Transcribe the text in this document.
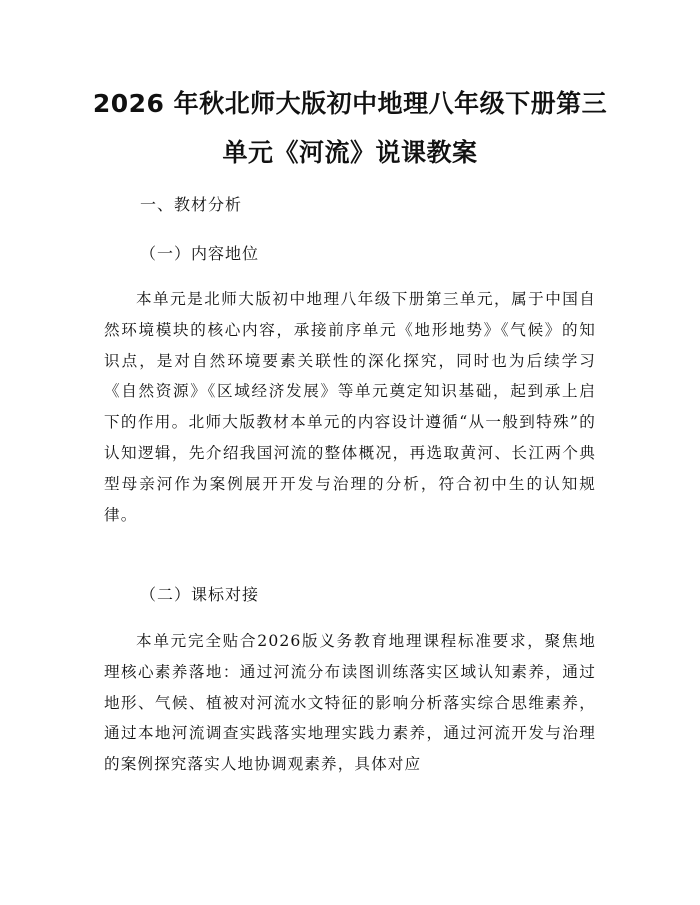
2026 年秋北师大版初中地理八年级下册第三
单元《河流》说课教案
一、教材分析
（一）内容地位

本单元是北师大版初中地理八年级下册第三单元，属于中国自然环境模块的核心内容，承接前序单元《地形地势》《气候》的知识点，是对自然环境要素关联性的深化探究，同时也为后续学习《自然资源》《区域经济发展》等单元奠定知识基础，起到承上启下的作用。北师大版教材本单元的内容设计遵循“从一般到特殊”的认知逻辑，先介绍我国河流的整体概况，再选取黄河、长江两个典型母亲河作为案例展开开发与治理的分析，符合初中生的认知规律。

（二）课标对接

本单元完全贴合2026版义务教育地理课程标准要求，聚焦地理核心素养落地：通过河流分布读图训练落实区域认知素养，通过地形、气候、植被对河流水文特征的影响分析落实综合思维素养，通过本地河流调查实践落实地理实践力素养，通过河流开发与治理的案例探究落实人地协调观素养，具体对应
